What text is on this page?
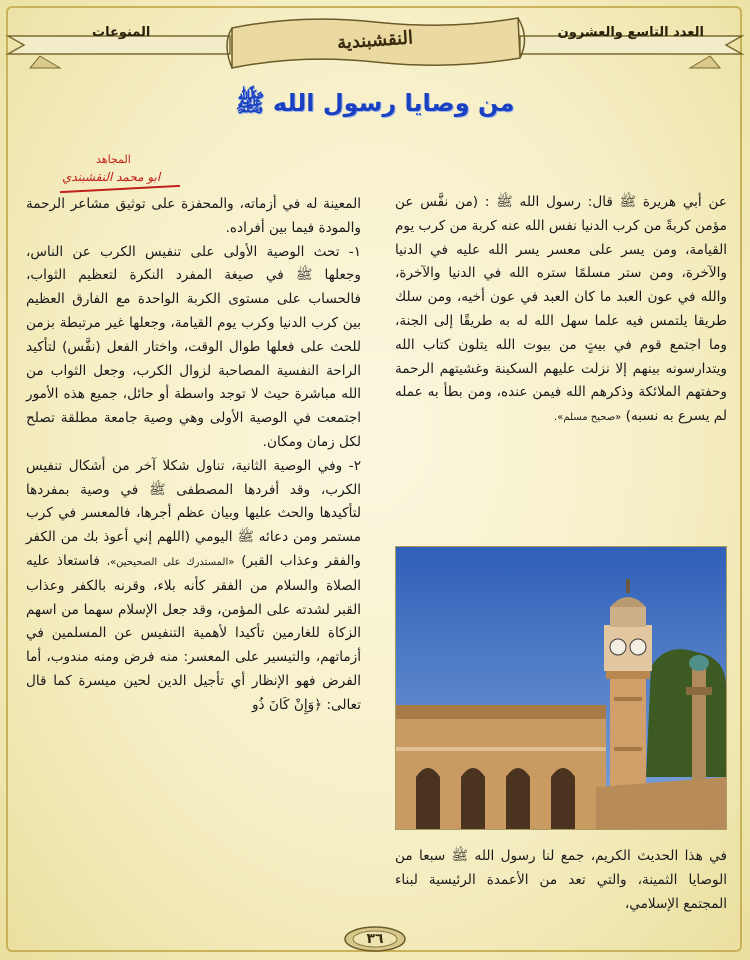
العدد التاسع والعشرون
المنوعات	النقشبندية
من وصايا رسول الله ﷺ
المجاهد
ابو محمد النقشبندي

عن أبي هريرة ﷺ قال: رسول الله ﷺ : (من نفَّس عن مؤمن كربةً من كرب الدنيا نفس الله عنه كربة من كرب يوم القيامة، ومن يسر على معسر يسر الله عليه في الدنيا والآخرة، ومن ستر مسلمًا ستره الله في الدنيا والآخرة، والله في عون العبد ما كان العبد في عون أخيه، ومن سلك طريقا يلتمس فيه علما سهل الله له به طريقًا إلى الجنة، وما اجتمع قوم في بيتٍ من بيوت الله يتلون كتاب الله ويتدارسونه بينهم إلا نزلت عليهم السكينة وغشيتهم الرحمة وحفتهم الملائكة وذكرهم الله فيمن عنده، ومن بطأ به عمله لم يسرع به نسبه) «صحيح مسلم».

في هذا الحديث الكريم، جمع لنا رسول الله ﷺ سبعا من الوصايا الثمينة، والتي تعد من الأعمدة الرئيسية لبناء المجتمع الإسلامي،

المعينة له في أزماته، والمحفزة على توثيق مشاعر الرحمة والمودة فيما بين أفراده.

١- تحث الوصية الأولى على تنفيس الكرب عن الناس، وجعلها ﷺ في صيغة المفرد النكرة لتعظيم الثواب، فالحساب على مستوى الكربة الواحدة مع الفارق العظيم بين كرب الدنيا وكرب يوم القيامة، وجعلها غير مرتبطة بزمن للحث على فعلها طوال الوقت، واختار الفعل (نفَّس) لتأكيد الراحة النفسية المصاحبة لزوال الكرب، وجعل الثواب من الله مباشرة حيث لا توجد واسطة أو حائل، جميع هذه الأمور اجتمعت في الوصية الأولى وهي وصية جامعة مطلقة تصلح لكل زمان ومكان.

٢- وفي الوصية الثانية، تناول شكلا آخر من أشكال تنفيس الكرب، وقد أفردها المصطفى ﷺ في وصية بمفردها لتأكيدها والحث عليها وبيان عظم أجرها، فالمعسر في كرب مستمر ومن دعائه ﷺ اليومي (اللهم إني أعوذ بك من الكفر والفقر وعذاب القبر) «المستدرك على الصحيحين»، فاستعاذ عليه الصلاة والسلام من الفقر كأنه بلاء، وقرنه بالكفر وعذاب القبر لشدته على المؤمن، وقد جعل الإسلام سهما من اسهم الزكاة للغارمين تأكيدا لأهمية التنفيس عن المسلمين في أزماتهم، والتيسير على المعسر: منه فرض ومنه مندوب، أما الفرض فهو الإنظار أي تأجيل الدين لحين ميسرة كما قال تعالى: ﴿وَإِنْ كَانَ ذُو

٣٦
